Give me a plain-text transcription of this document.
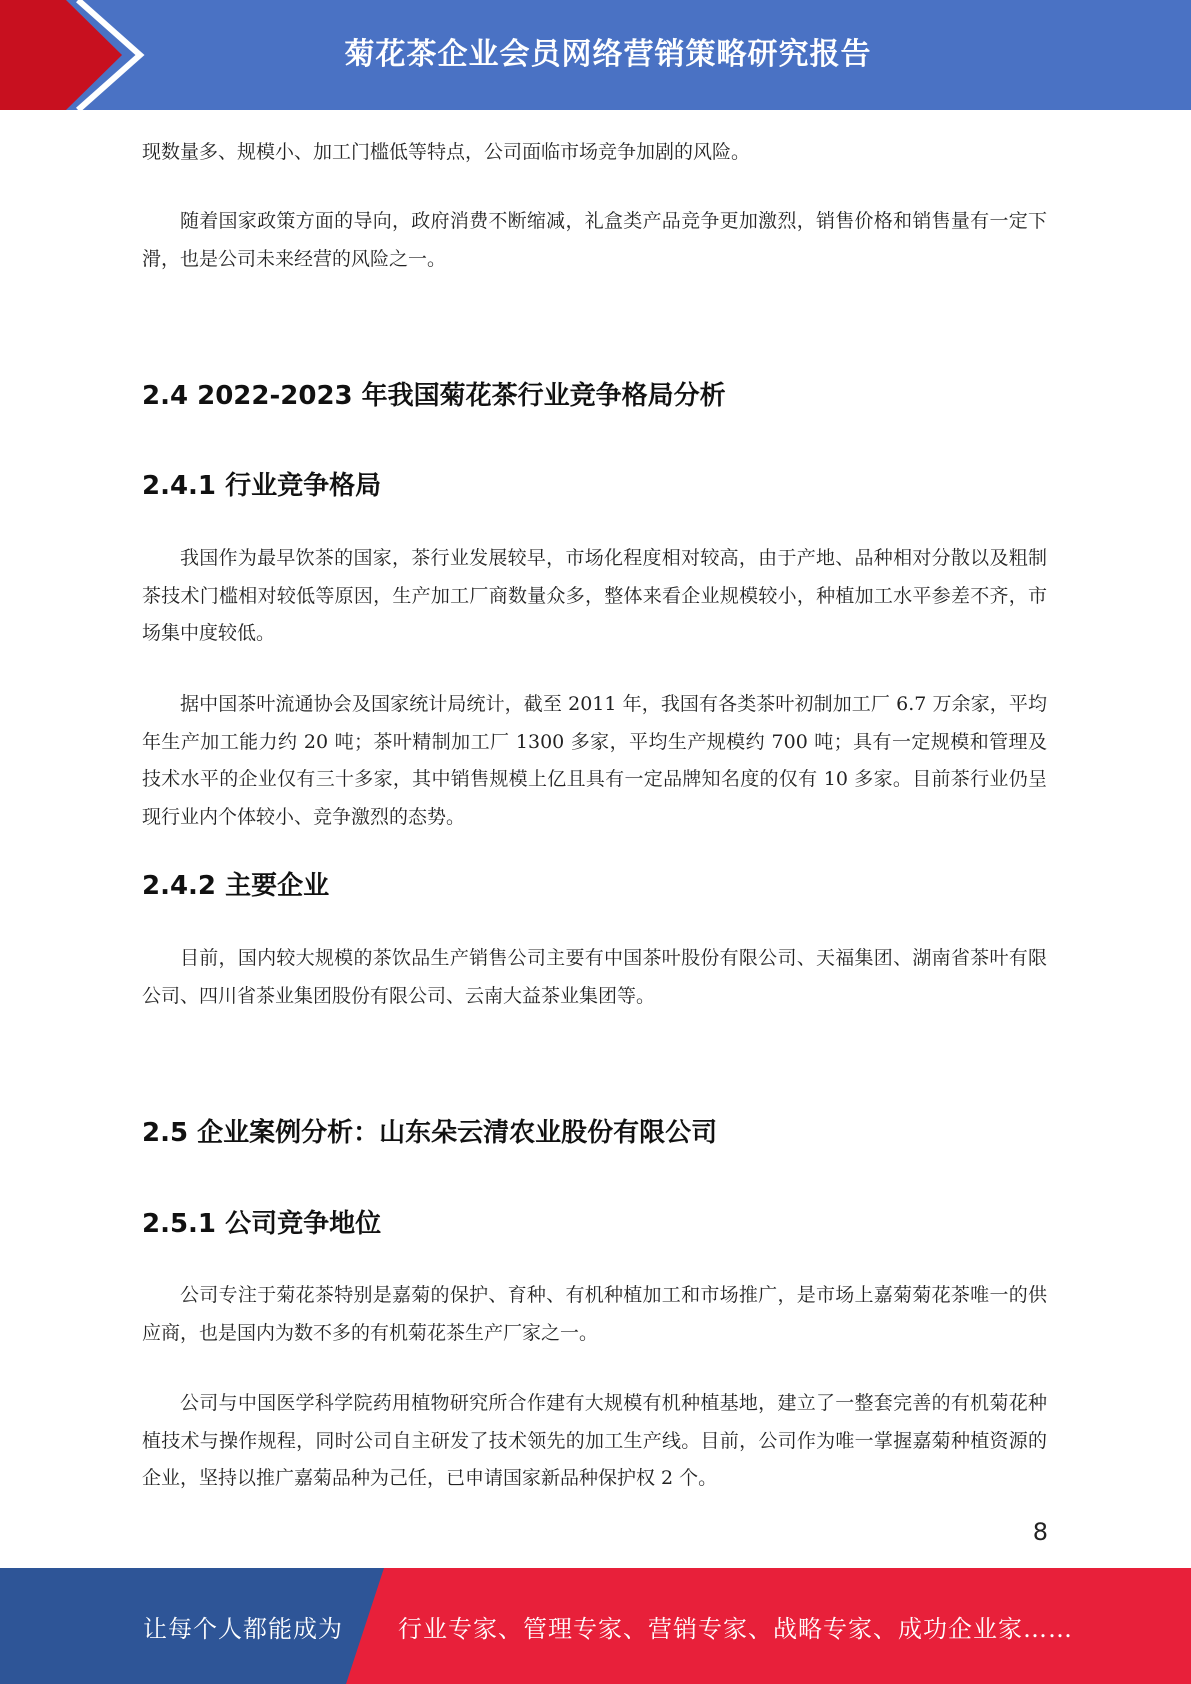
菊花茶企业会员网络营销策略研究报告

现数量多、规模小、加工门槛低等特点，公司面临市场竞争加剧的风险。

随着国家政策方面的导向，政府消费不断缩减，礼盒类产品竞争更加激烈，销售价格和销售量有一定下滑，也是公司未来经营的风险之一。

2.4 2022-2023 年我国菊花茶行业竞争格局分析
2.4.1 行业竞争格局

我国作为最早饮茶的国家，茶行业发展较早，市场化程度相对较高，由于产地、品种相对分散以及粗制茶技术门槛相对较低等原因，生产加工厂商数量众多，整体来看企业规模较小，种植加工水平参差不齐，市场集中度较低。

据中国茶叶流通协会及国家统计局统计，截至 2011 年，我国有各类茶叶初制加工厂 6.7 万余家，平均年生产加工能力约 20 吨；茶叶精制加工厂 1300 多家，平均生产规模约 700 吨；具有一定规模和管理及技术水平的企业仅有三十多家，其中销售规模上亿且具有一定品牌知名度的仅有 10 多家。目前茶行业仍呈现行业内个体较小、竞争激烈的态势。

2.4.2 主要企业

目前，国内较大规模的茶饮品生产销售公司主要有中国茶叶股份有限公司、天福集团、湖南省茶叶有限公司、四川省茶业集团股份有限公司、云南大益茶业集团等。

2.5 企业案例分析：山东朵云清农业股份有限公司
2.5.1 公司竞争地位

公司专注于菊花茶特别是嘉菊的保护、育种、有机种植加工和市场推广，是市场上嘉菊菊花茶唯一的供应商，也是国内为数不多的有机菊花茶生产厂家之一。

公司与中国医学科学院药用植物研究所合作建有大规模有机种植基地，建立了一整套完善的有机菊花种植技术与操作规程，同时公司自主研发了技术领先的加工生产线。目前，公司作为唯一掌握嘉菊种植资源的企业，坚持以推广嘉菊品种为己任，已申请国家新品种保护权 2 个。

8
让每个人都能成为 行业专家、管理专家、营销专家、战略专家、成功企业家……
